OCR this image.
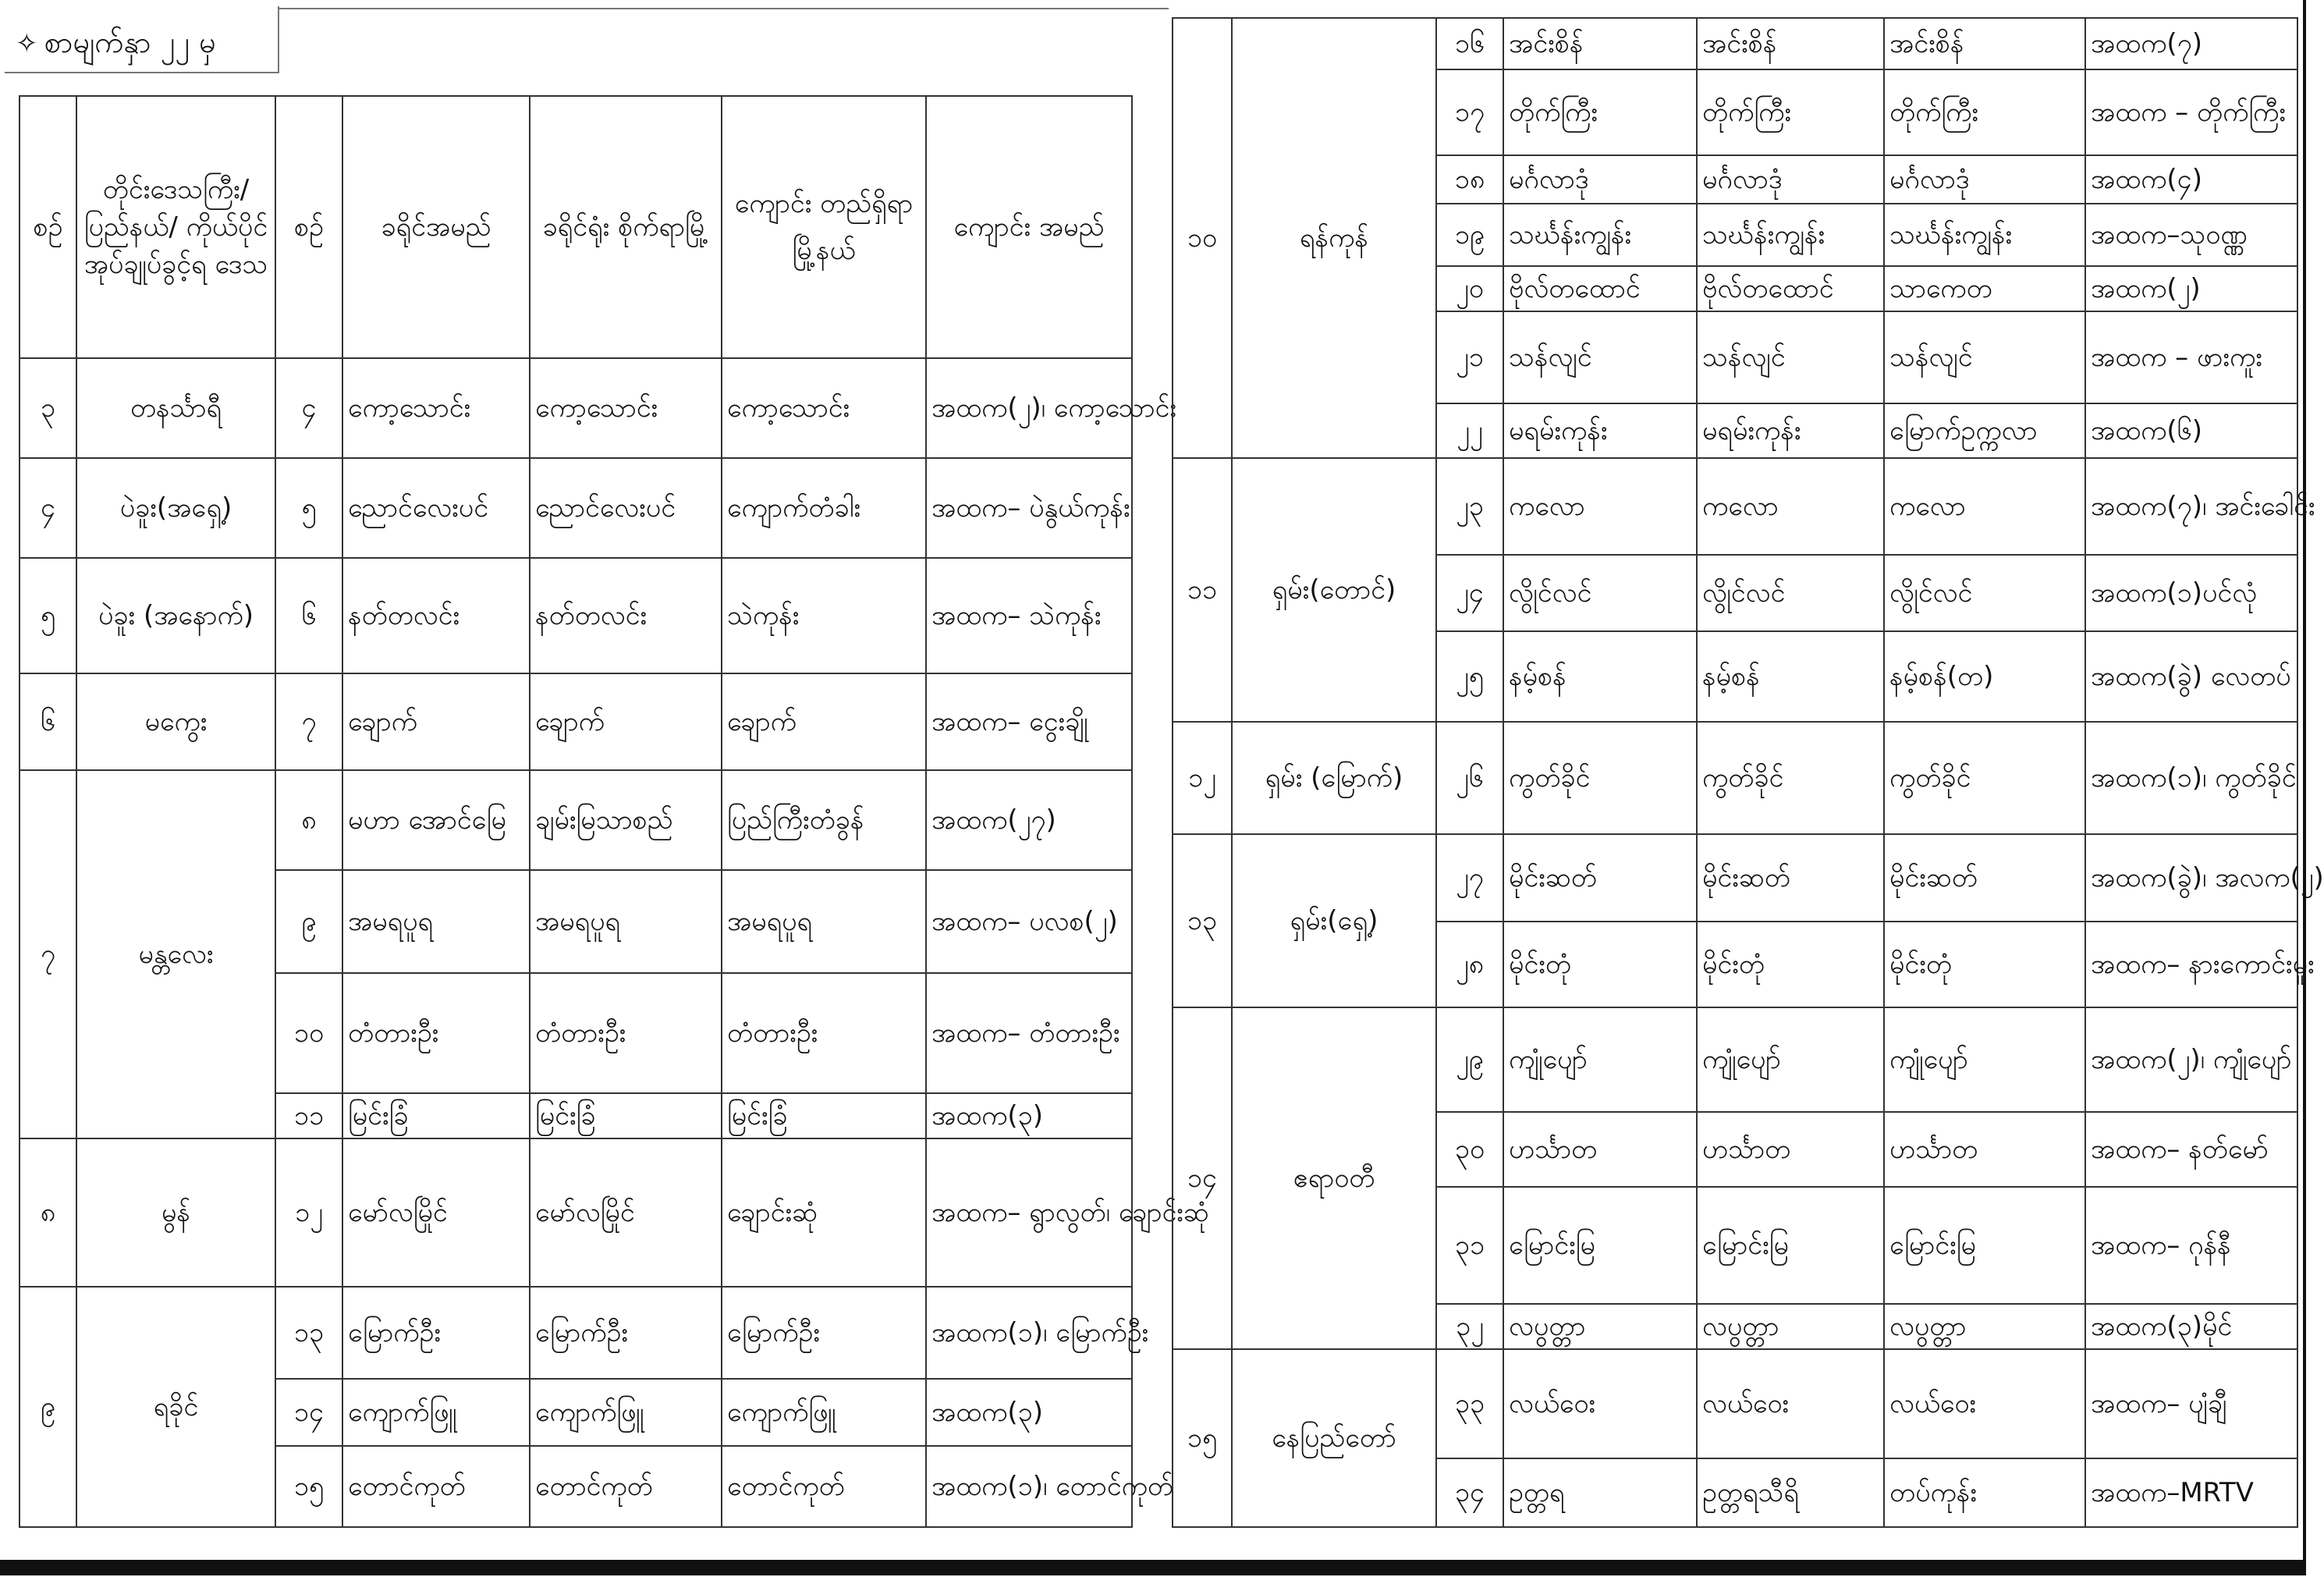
✧ စာမျက်နှာ ၂၂ မှ
စဉ်	တိုင်းဒေသကြီး/ ပြည်နယ်/ ကိုယ်ပိုင် အုပ်ချုပ်ခွင့်ရ ဒေသ	စဉ်	ခရိုင်အမည်	ခရိုင်ရုံး စိုက်ရာမြို့	ကျောင်း တည်ရှိရာ မြို့နယ်	ကျောင်း အမည်
၃	တနင်္သာရီ	၄	ကော့သောင်း	ကော့သောင်း	ကော့သောင်း	အထက(၂)၊ ကော့သောင်း
၄	ပဲခူး(အရှေ့)	၅	ညောင်လေးပင်	ညောင်လေးပင်	ကျောက်တံခါး	အထက– ပဲနွယ်ကုန်း
၅	ပဲခူး (အနောက်)	၆	နတ်တလင်း	နတ်တလင်း	သဲကုန်း	အထက– သဲကုန်း
၆	မကွေး	၇	ချောက်	ချောက်	ချောက်	အထက– ငွေးချို
၇	မန္တလေး	၈	မဟာ အောင်မြေ	ချမ်းမြသာစည်	ပြည်ကြီးတံခွန်	အထက(၂၇)
		၉	အမရပူရ	အမရပူရ	အမရပူရ	အထက– ပလစ(၂)
		၁၀	တံတားဦး	တံတားဦး	တံတားဦး	အထက– တံတားဦး
		၁၁	မြင်းခြံ	မြင်းခြံ	မြင်းခြံ	အထက(၃)
၈	မွန်	၁၂	မော်လမြိုင်	မော်လမြိုင်	ချောင်းဆုံ	အထက– ရွာလွတ်၊ ချောင်းဆုံ
၉	ရခိုင်	၁၃	မြောက်ဦး	မြောက်ဦး	မြောက်ဦး	အထက(၁)၊ မြောက်ဦး
		၁၄	ကျောက်ဖြူ	ကျောက်ဖြူ	ကျောက်ဖြူ	အထက(၃)
		၁၅	တောင်ကုတ်	တောင်ကုတ်	တောင်ကုတ်	အထက(၁)၊ တောင်ကုတ်
၁၀	ရန်ကုန်	၁၆	အင်းစိန်	အင်းစိန်	အင်းစိန်	အထက(၇)
		၁၇	တိုက်ကြီး	တိုက်ကြီး	တိုက်ကြီး	အထက – တိုက်ကြီး
		၁၈	မင်္ဂလာဒုံ	မင်္ဂလာဒုံ	မင်္ဂလာဒုံ	အထက(၄)
		၁၉	သင်္ဃန်းကျွန်း	သင်္ဃန်းကျွန်း	သင်္ဃန်းကျွန်း	အထက–သုဝဏ္ဏ
		၂၀	ဗိုလ်တထောင်	ဗိုလ်တထောင်	သာကေတ	အထက(၂)
		၂၁	သန်လျင်	သန်လျင်	သန်လျင်	အထက – ဖားကူး
		၂၂	မရမ်းကုန်း	မရမ်းကုန်း	မြောက်ဥက္ကလာ	အထက(၆)
၁၁	ရှမ်း(တောင်)	၂၃	ကလော	ကလော	ကလော	အထက(၇)၊ အင်းခေါင်း
		၂၄	လွိုင်လင်	လွိုင်လင်	လွိုင်လင်	အထက(၁)ပင်လုံ
		၂၅	နမ့်စန်	နမ့်စန်	နမ့်စန်(တ)	အထက(ခွဲ) လေတပ်
၁၂	ရှမ်း (မြောက်)	၂၆	ကွတ်ခိုင်	ကွတ်ခိုင်	ကွတ်ခိုင်	အထက(၁)၊ ကွတ်ခိုင်
၁၃	ရှမ်း(ရှေ့)	၂၇	မိုင်းဆတ်	မိုင်းဆတ်	မိုင်းဆတ်	အထက(ခွဲ)၊ အလက(၂)
		၂၈	မိုင်းတုံ	မိုင်းတုံ	မိုင်းတုံ	အထက– နားကောင်းမူး
၁၄	ဧရာဝတီ	၂၉	ကျုံပျော်	ကျုံပျော်	ကျုံပျော်	အထက(၂)၊ ကျုံပျော်
		၃၀	ဟင်္သာတ	ဟင်္သာတ	ဟင်္သာတ	အထက– နတ်မော်
		၃၁	မြောင်းမြ	မြောင်းမြ	မြောင်းမြ	အထက– ဂုန်နီ
		၃၂	လပွတ္တာ	လပွတ္တာ	လပွတ္တာ	အထက(၃)မိုင်
၁၅	နေပြည်တော်	၃၃	လယ်ဝေး	လယ်ဝေး	လယ်ဝေး	အထက– ပျံချီ
		၃၄	ဥတ္တရ	ဥတ္တရသီရိ	တပ်ကုန်း	အထက–MRTV
